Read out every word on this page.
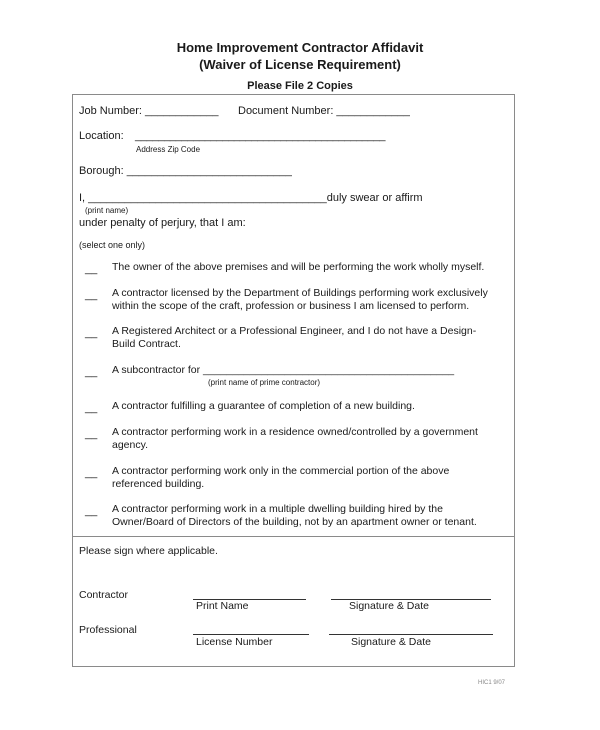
Home Improvement Contractor Affidavit
(Waiver of License Requirement)
Please File 2 Copies
Job Number: ____________ Document Number: ____________
Location: ___________________________________________
Address Zip Code
Borough: ___________________________
I, _______________________________________duly swear or affirm
(print name)
under penalty of perjury, that I am:
(select one only)
__ The owner of the above premises and will be performing the work wholly myself.
__ A contractor licensed by the Department of Buildings performing work exclusively
within the scope of the craft, profession or business I am licensed to perform.
__ A Registered Architect or a Professional Engineer, and I do not have a Design-
Build Contract.
__ A subcontractor for ___________________________________________
(print name of prime contractor)
__ A contractor fulfilling a guarantee of completion of a new building.
__ A contractor performing work in a residence owned/controlled by a government
agency.
__ A contractor performing work only in the commercial portion of the above
referenced building.
__ A contractor performing work in a multiple dwelling building hired by the
Owner/Board of Directors of the building, not by an apartment owner or tenant.
Please sign where applicable.
Contractor
Print Name	Signature & Date
Professional
License Number	Signature & Date
HIC1 9/07
